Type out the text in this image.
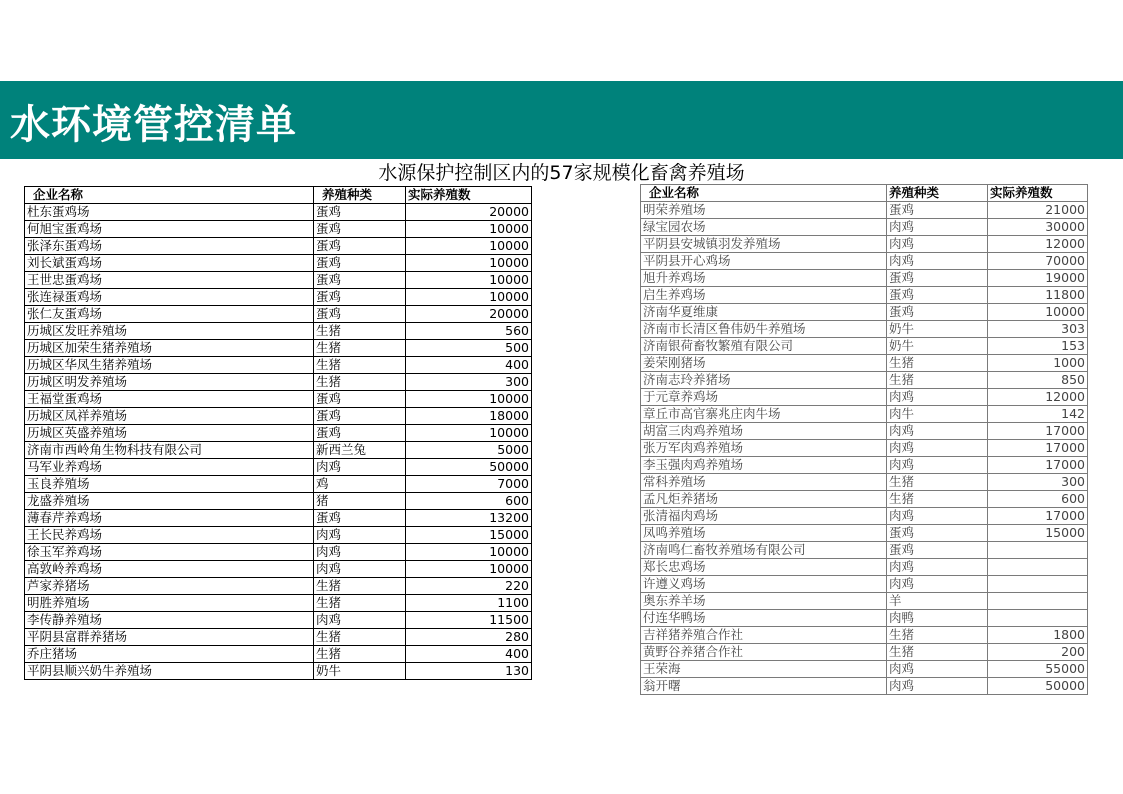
水环境管控清单
水源保护控制区内的57家规模化畜禽养殖场
企业名称	养殖种类	实际养殖数
杜东蛋鸡场	蛋鸡	20000
何旭宝蛋鸡场	蛋鸡	10000
张泽东蛋鸡场	蛋鸡	10000
刘长斌蛋鸡场	蛋鸡	10000
王世忠蛋鸡场	蛋鸡	10000
张连禄蛋鸡场	蛋鸡	10000
张仁友蛋鸡场	蛋鸡	20000
历城区发旺养殖场	生猪	560
历城区加荣生猪养殖场	生猪	500
历城区华凤生猪养殖场	生猪	400
历城区明发养殖场	生猪	300
王福堂蛋鸡场	蛋鸡	10000
历城区凤祥养殖场	蛋鸡	18000
历城区英盛养殖场	蛋鸡	10000
济南市西岭角生物科技有限公司	新西兰兔	5000
马军业养鸡场	肉鸡	50000
玉良养殖场	鸡	7000
龙盛养殖场	猪	600
薄春芹养鸡场	蛋鸡	13200
王长民养鸡场	肉鸡	15000
徐玉军养鸡场	肉鸡	10000
高敦岭养鸡场	肉鸡	10000
芦家养猪场	生猪	220
明胜养殖场	生猪	1100
李传静养殖场	肉鸡	11500
平阴县富群养猪场	生猪	280
乔庄猪场	生猪	400
平阴县顺兴奶牛养殖场	奶牛	130
企业名称	养殖种类	实际养殖数
明荣养殖场	蛋鸡	21000
绿宝园农场	肉鸡	30000
平阴县安城镇羽发养殖场	肉鸡	12000
平阴县开心鸡场	肉鸡	70000
旭升养鸡场	蛋鸡	19000
启生养鸡场	蛋鸡	11800
济南华夏维康	蛋鸡	10000
济南市长清区鲁伟奶牛养殖场	奶牛	303
济南银荷畜牧繁殖有限公司	奶牛	153
姜荣刚猪场	生猪	1000
济南志玲养猪场	生猪	850
于元章养鸡场	肉鸡	12000
章丘市高官寨兆庄肉牛场	肉牛	142
胡富三肉鸡养殖场	肉鸡	17000
张万军肉鸡养殖场	肉鸡	17000
李玉强肉鸡养殖场	肉鸡	17000
常科养殖场	生猪	300
孟凡炬养猪场	生猪	600
张清福肉鸡场	肉鸡	17000
凤鸣养殖场	蛋鸡	15000
济南鸣仁畜牧养殖场有限公司	蛋鸡	
郑长忠鸡场	肉鸡	
许遵义鸡场	肉鸡	
奥东养羊场	羊	
付连华鸭场	肉鸭	
吉祥猪养殖合作社	生猪	1800
黄野谷养猪合作社	生猪	200
王荣海	肉鸡	55000
翁开曙	肉鸡	50000
